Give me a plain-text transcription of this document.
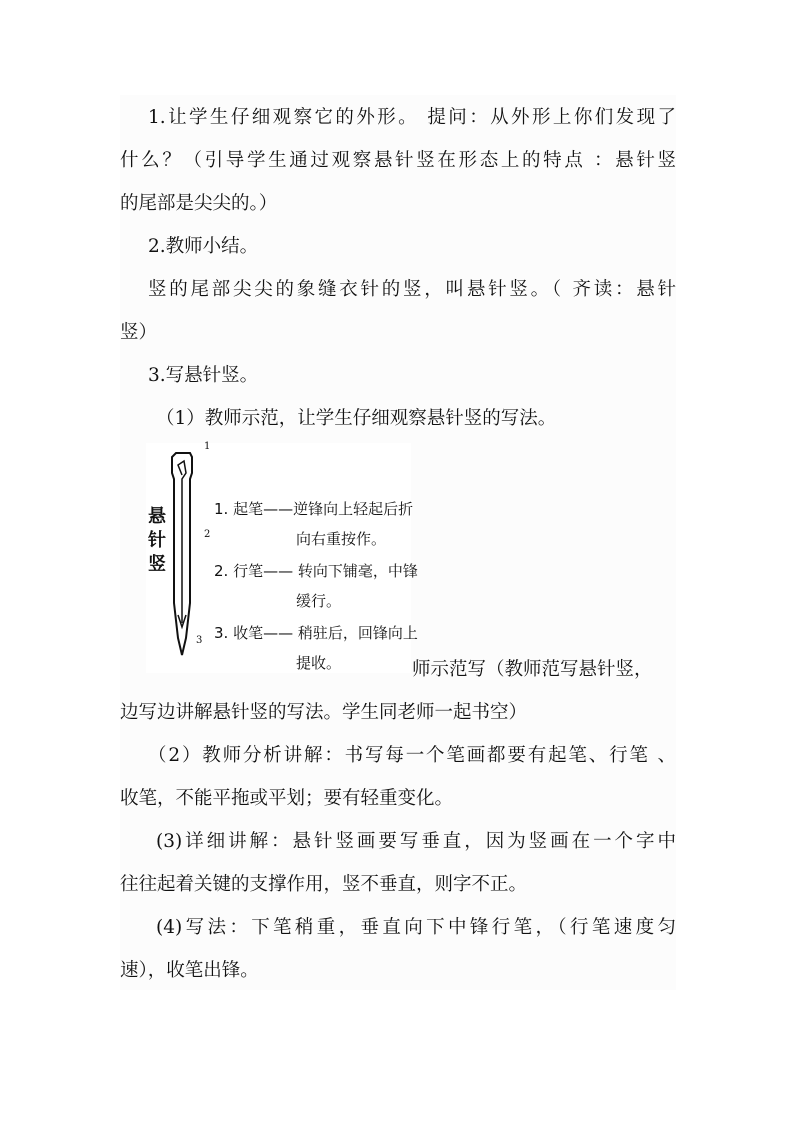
1.让学生仔细观察它的外形。 提问：从外形上你们发现了
什么？（引导学生通过观察悬针竖在形态上的特点 ：悬针竖
的尾部是尖尖的。）
2.教师小结。
竖的尾部尖尖的象缝衣针的竖，叫悬针竖。（ 齐读：悬针
竖）
3.写悬针竖。
（1）教师示范，让学生仔细观察悬针竖的写法。
1
2
3
悬针竖
1. 起笔——逆锋向上轻起后折
向右重按作。
2. 行笔—— 转向下铺毫，中锋
缓行。
3. 收笔—— 稍驻后，回锋向上
提收。	师示范写（教师范写悬针竖，
边写边讲解悬针竖的写法。学生同老师一起书空）
（2）教师分析讲解：书写每一个笔画都要有起笔、行笔 、
收笔，不能平拖或平划；要有轻重变化。
(3)详细讲解：悬针竖画要写垂直，因为竖画在一个字中
往往起着关键的支撑作用，竖不垂直，则字不正。
(4)写法：下笔稍重，垂直向下中锋行笔，（行笔速度匀
速），收笔出锋。
